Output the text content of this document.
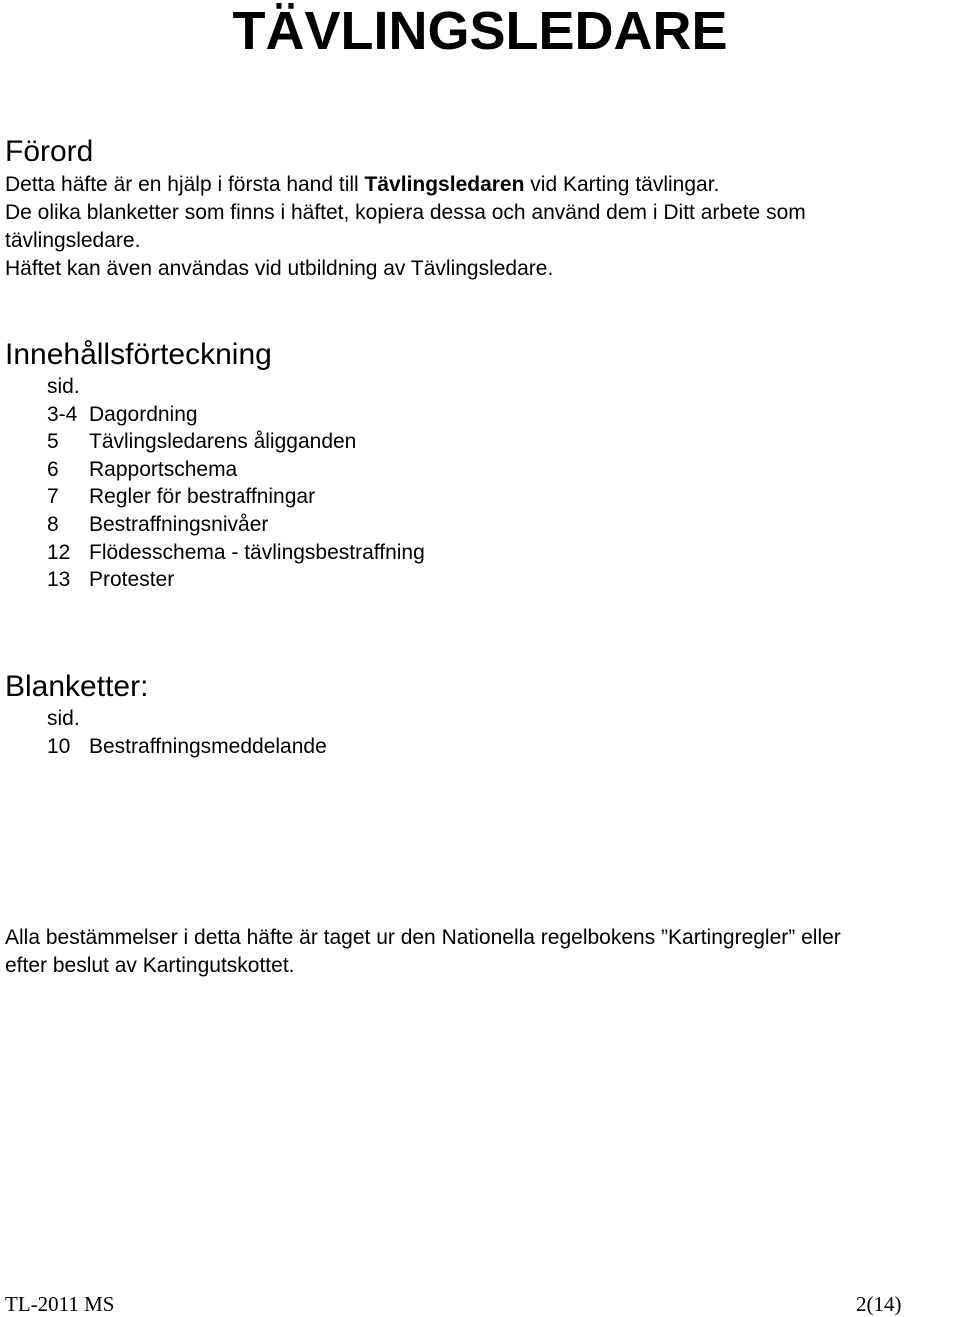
TÄVLINGSLEDARE
Förord
Detta häfte är en hjälp i första hand till Tävlingsledaren vid Karting tävlingar.
De olika blanketter som finns i häftet, kopiera dessa och använd dem i Ditt arbete som
tävlingsledare.
Häftet kan även användas vid utbildning av Tävlingsledare.
Innehållsförteckning
sid.
3-4 Dagordning
5	Tävlingsledarens åligganden
6	Rapportschema
7	Regler för bestraffningar
8	Bestraffningsnivåer
12 Flödesschema - tävlingsbestraffning
13 Protester
Blanketter:
sid.
10 Bestraffningsmeddelande
Alla bestämmelser i detta häfte är taget ur den Nationella regelbokens ”Kartingregler” eller
efter beslut av Kartingutskottet.
TL-2011 MS	2(14)
